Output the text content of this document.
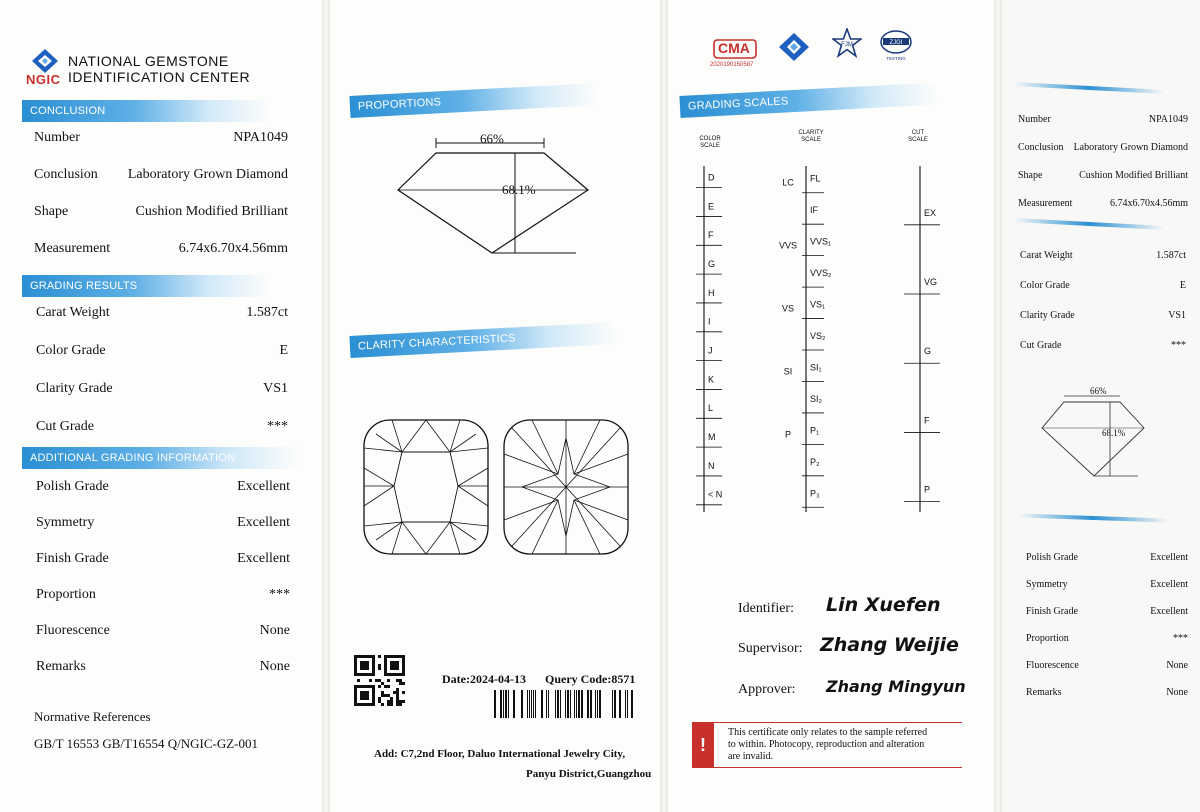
NATIONAL GEMSTONE
IDENTIFICATION CENTER
NGIC
CONCLUSION
Number	NPA1049
Conclusion Laboratory Grown Diamond
Shape	Cushion Modified Brilliant
Measurement	6.74x6.70x4.56mm
GRADING RESULTS
Carat Weight	1.587ct
Color Grade	E
Clarity Grade	VS1
Cut Grade	***
ADDITIONAL GRADING INFORMATION
Polish Grade	Excellent
Symmetry	Excellent
Finish Grade	Excellent
Proportion	***
Fluorescence	None
Remarks	None
Normative References
GB/T 16553 GB/T16554 Q/NGIC-GZ-001
PROPORTIONS
66%
68.1%
CLARITY CHARACTERISTICS
Date:2024-04-13 Query Code:8571
Add: C7,2nd Floor, Daluo International Jewelry City,
Panyu District,Guangzhou
CMA
2020190150587
FJM	ZJGI
TESTING
GRADING SCALES
COLOR
SCALE
CLARITY
SCALE
CUT
SCALE
D
E
F
G
H
I
J
K
L
M
N
< N
FL
IF
VVS₁
VVS₂
VS₁
VS₂
SI₁
SI₂
P₁
P₂
P₃
LC
VVS
VS
SI
P
EX
VG
G
F
P
Identifier: Lin Xuefen
Supervisor: Zhang Weijie
Approver: Zhang Mingyun
!
This certificate only relates to the sample referred
to within. Photocopy, reproduction and alteration
are invalid.
Number	NPA1049
Conclusion Laboratory Grown Diamond
Shape	Cushion Modified Brilliant
Measurement	6.74x6.70x4.56mm
Carat Weight	1.587ct
Color Grade	E
Clarity Grade	VS1
Cut Grade	***
66%
68.1%
Polish Grade	Excellent
Symmetry	Excellent
Finish Grade	Excellent
Proportion	***
Fluorescence	None
Remarks	None
